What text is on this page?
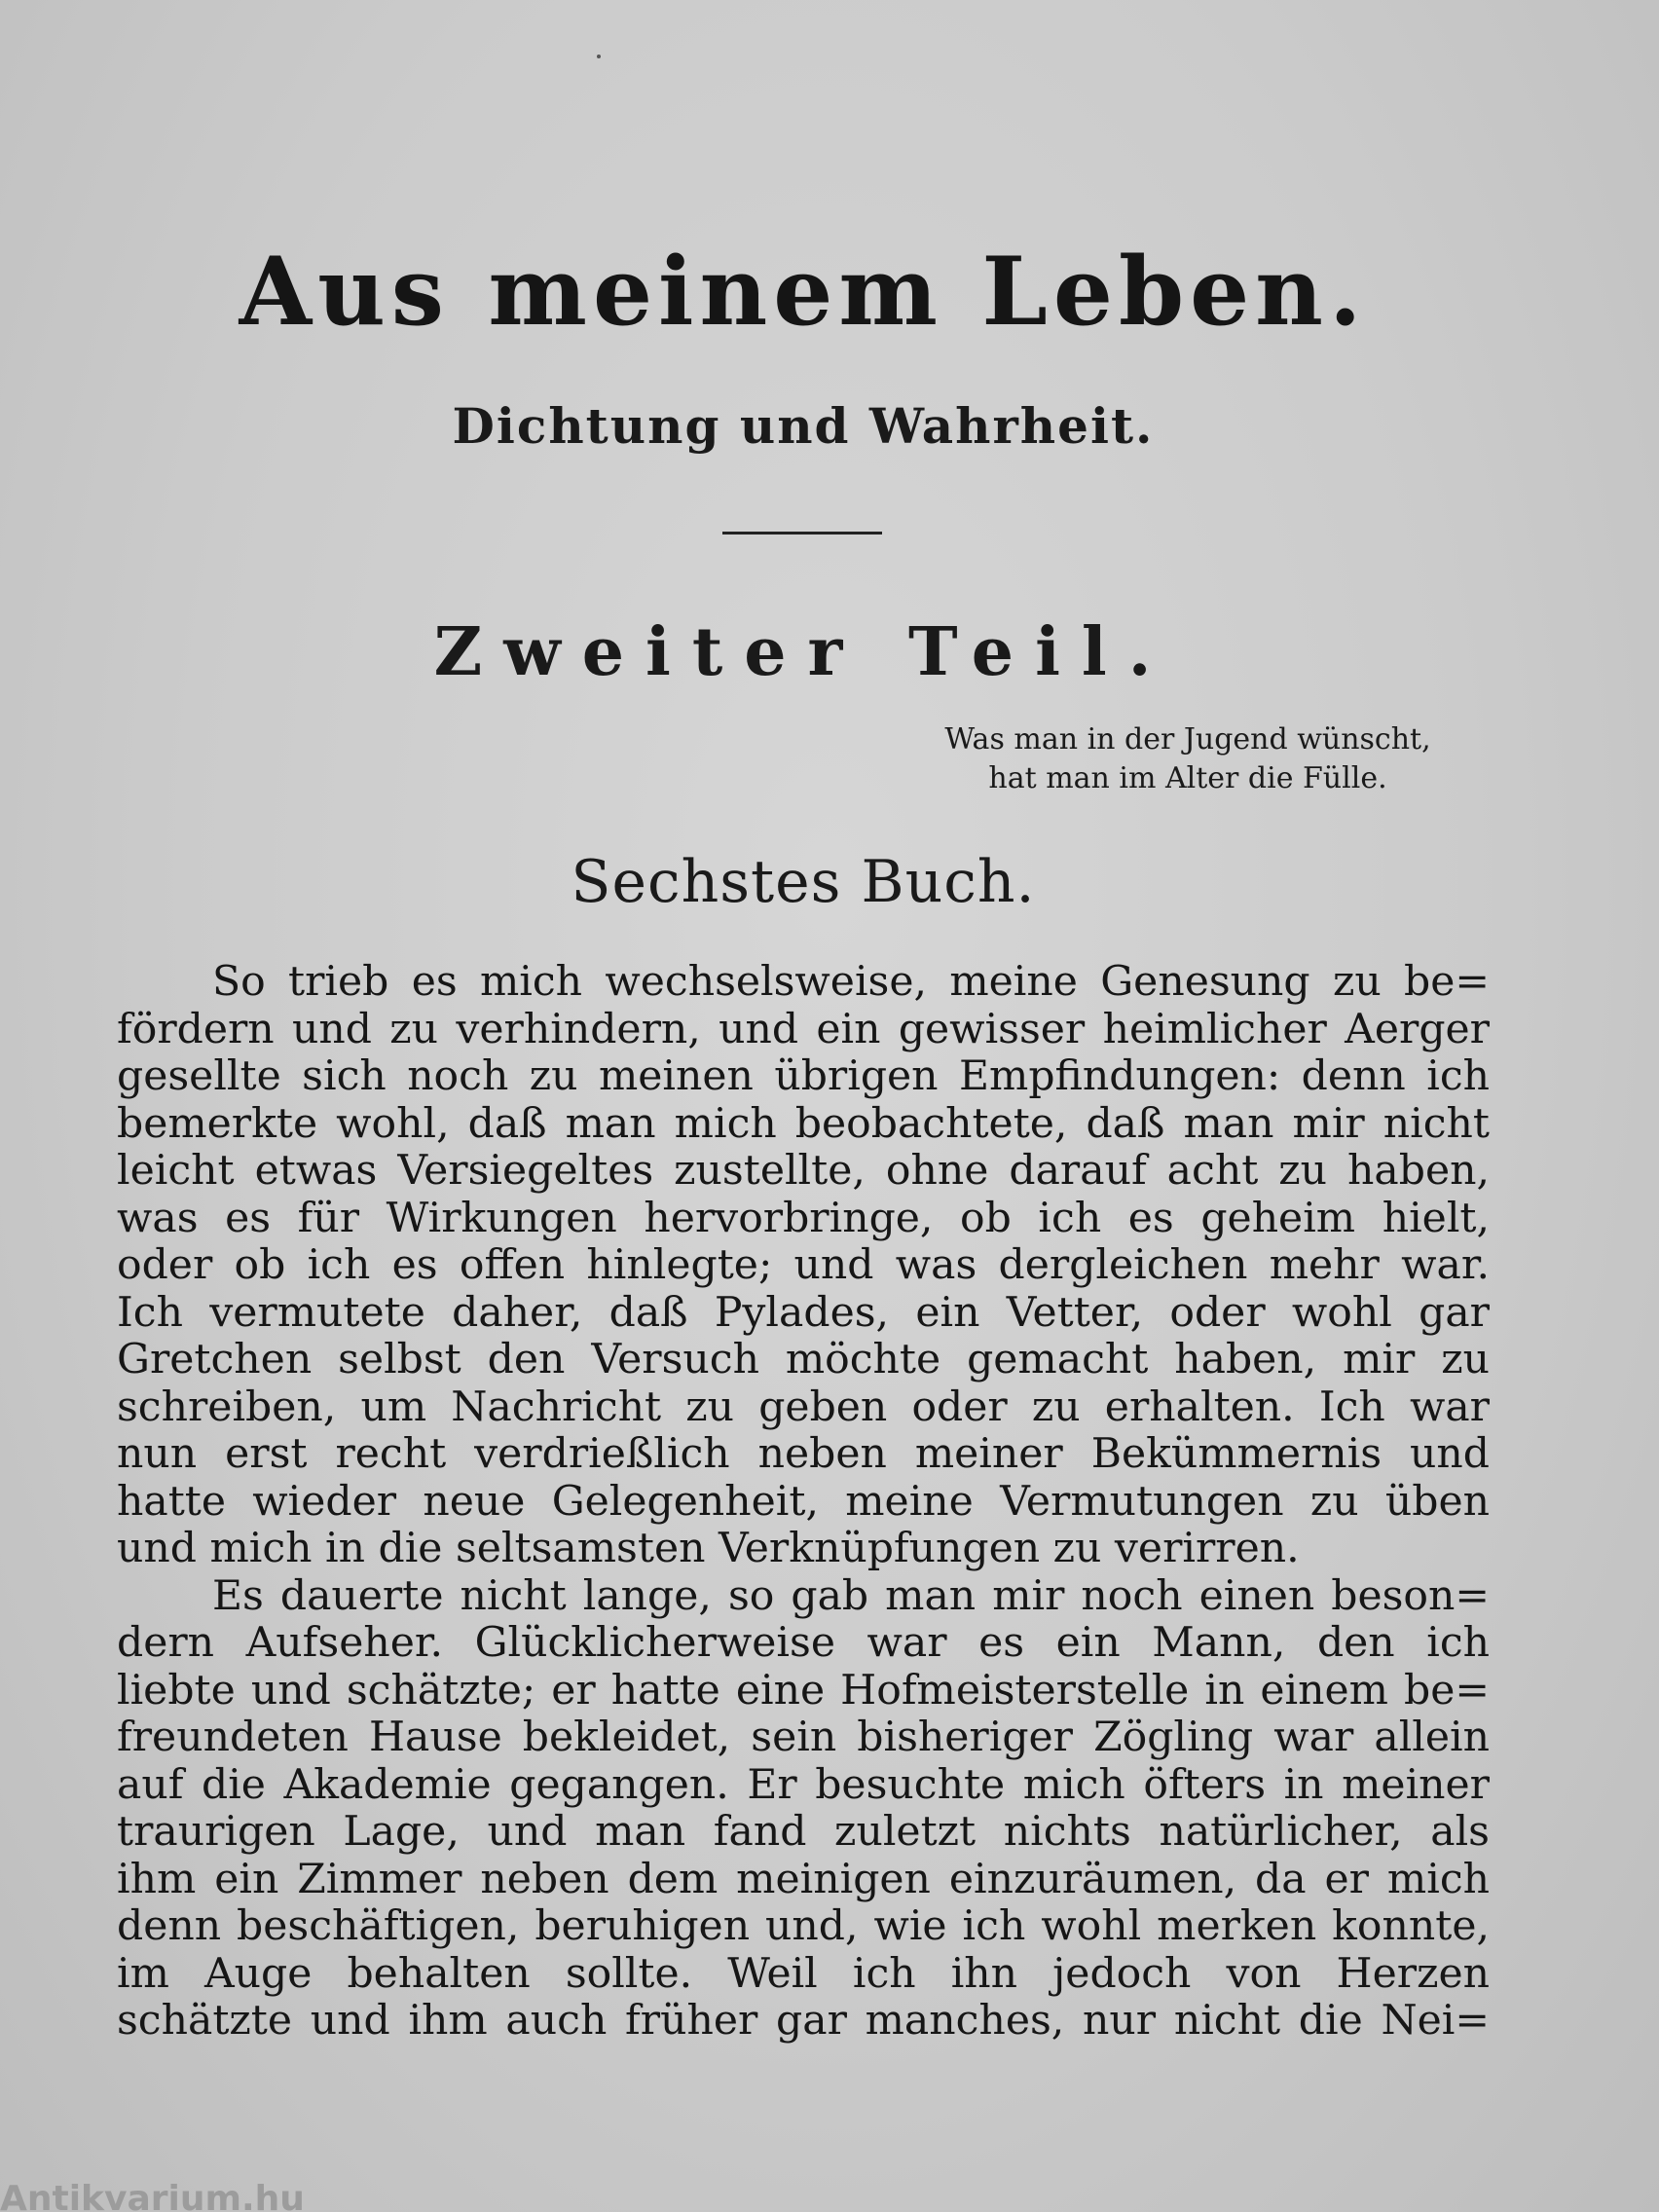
Aus meinem Leben.
Dichtung und Wahrheit.
Zweiter Teil.
Was man in der Jugend wünscht,
hat man im Alter die Fülle.
Sechstes Buch.
So trieb es mich wechselsweise, meine Genesung zu be=
fördern und zu verhindern, und ein gewisser heimlicher Aerger
gesellte sich noch zu meinen übrigen Empfindungen: denn ich
bemerkte wohl, daß man mich beobachtete, daß man mir nicht
leicht etwas Versiegeltes zustellte, ohne darauf acht zu haben,
was es für Wirkungen hervorbringe, ob ich es geheim hielt,
oder ob ich es offen hinlegte; und was dergleichen mehr war.
Ich vermutete daher, daß Pylades, ein Vetter, oder wohl gar
Gretchen selbst den Versuch möchte gemacht haben, mir zu
schreiben, um Nachricht zu geben oder zu erhalten. Ich war
nun erst recht verdrießlich neben meiner Bekümmernis und
hatte wieder neue Gelegenheit, meine Vermutungen zu üben
und mich in die seltsamsten Verknüpfungen zu verirren.
Es dauerte nicht lange, so gab man mir noch einen beson=
dern Aufseher. Glücklicherweise war es ein Mann, den ich
liebte und schätzte; er hatte eine Hofmeisterstelle in einem be=
freundeten Hause bekleidet, sein bisheriger Zögling war allein
auf die Akademie gegangen. Er besuchte mich öfters in meiner
traurigen Lage, und man fand zuletzt nichts natürlicher, als
ihm ein Zimmer neben dem meinigen einzuräumen, da er mich
denn beschäftigen, beruhigen und, wie ich wohl merken konnte,
im Auge behalten sollte. Weil ich ihn jedoch von Herzen
schätzte und ihm auch früher gar manches, nur nicht die Nei=
Antikvarium.hu
